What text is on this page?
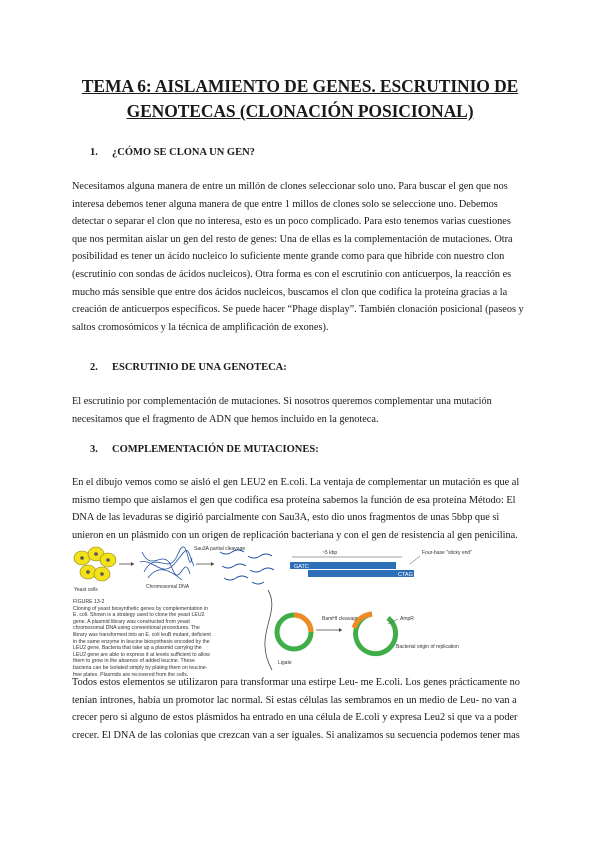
TEMA 6: AISLAMIENTO DE GENES. ESCRUTINIO DE
GENOTECAS (CLONACIÓN POSICIONAL)
1. ¿CÓMO SE CLONA UN GEN?
Necesitamos alguna manera de entre un millón de clones seleccionar solo uno. Para buscar el gen que nos
interesa debemos tener alguna manera de que entre 1 millos de clones solo se seleccione uno. Debemos
detectar o separar el clon que no interesa, esto es un poco complicado. Para esto tenemos varias cuestiones
que nos permitan aislar un gen del resto de genes: Una de ellas es la complementación de mutaciones. Otra
posibilidad es tener un ácido nucleico lo suficiente mente grande como para que hibride con nuestro clon
(escrutinio con sondas de ácidos nucleicos). Otra forma es con el escrutinio con anticuerpos, la reacción es
mucho más sensible que entre dos ácidos nucleicos, buscamos el clon que codifica la proteína gracias a la
creación de anticuerpos específicos. Se puede hacer “Phage display”. También clonación posicional (paseos y
saltos cromosómicos y la técnica de amplificación de exones).
2. ESCRUTINIO DE UNA GENOTECA:
El escrutinio por complementación de mutaciones. Si nosotros queremos complementar una mutación
necesitamos que el fragmento de ADN que hemos incluido en la genoteca.
3. COMPLEMENTACIÓN DE MUTACIONES:
En el dibujo vemos como se aisló el gen LEU2 en E.coli. La ventaja de complementar un mutación es que al
mismo tiempo que aislamos el gen que codifica esa proteína sabemos la función de esa proteína Método: El
DNA de las levaduras se digirió parcialmente con Sau3A, esto dio unos fragmentos de unas 5bbp que si
unieron en un plásmido con un origen de replicación bacteriana y con el gen de resistencia al gen penicilina.
Yeast cells	Chromosomal DNA
Sau3A partial cleavage
~5 kbp
GATC
CTAG
Four-base "sticky end"
Ligate
BamHI cleavage	AmpR
Bacterial origin of replication
FIGURE 13-2
Cloning of yeast biosynthetic genes by complementation in
E. coli. Shown is a strategy used to clone the yeast LEU2
gene. A plasmid library was constructed from yeast
chromosomal DNA using conventional procedures. The
library was transformed into an E. coli leuB mutant, deficient
in the same enzyme in leucine biosynthesis encoded by the
LEU2 gene. Bacteria that take up a plasmid carrying the
LEU2 gene are able to express it at levels sufficient to allow
them to grow in the absence of added leucine. These
bacteria can be isolated simply by plating them on leucine-
free plates. Plasmids are recovered from the cells.
Todos estos elementos se utilizaron para transformar una estirpe Leu- me E.coli. Los genes prácticamente no
tenían intrones, había un promotor lac normal. Si estas células las sembramos en un medio de Leu- no van a
crecer pero si alguno de estos plásmidos ha entrado en una célula de E.coli y expresa Leu2 si que va a poder
crecer. El DNA de las colonias que crezcan van a ser iguales. Si analizamos su secuencia podemos tener mas
